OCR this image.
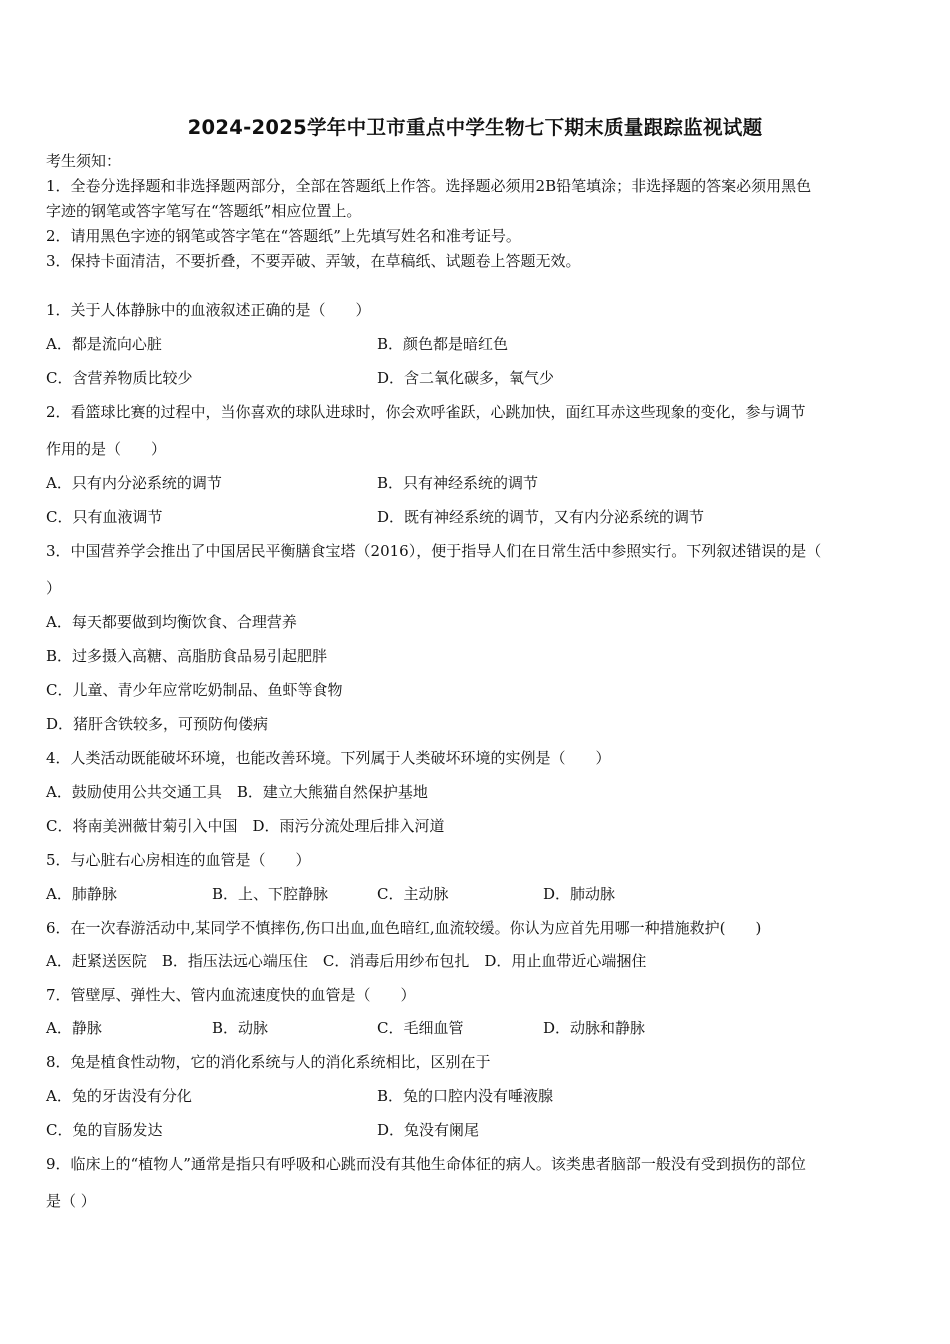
2024-2025学年中卫市重点中学生物七下期末质量跟踪监视试题
考生须知：
1．全卷分选择题和非选择题两部分，全部在答题纸上作答。选择题必须用2B铅笔填涂；非选择题的答案必须用黑色
字迹的钢笔或答字笔写在“答题纸”相应位置上。
2．请用黑色字迹的钢笔或答字笔在“答题纸”上先填写姓名和准考证号。
3．保持卡面清洁，不要折叠，不要弄破、弄皱，在草稿纸、试题卷上答题无效。
1．关于人体静脉中的血液叙述正确的是（　　）
A．都是流向心脏	B．颜色都是暗红色
C．含营养物质比较少	D．含二氧化碳多，氧气少
2．看篮球比赛的过程中，当你喜欢的球队进球时，你会欢呼雀跃，心跳加快，面红耳赤这些现象的变化，参与调节
作用的是（　　）
A．只有内分泌系统的调节	B．只有神经系统的调节
C．只有血液调节	D．既有神经系统的调节，又有内分泌系统的调节
3．中国营养学会推出了中国居民平衡膳食宝塔（2016），便于指导人们在日常生活中参照实行。下列叙述错误的是（
）
A．每天都要做到均衡饮食、合理营养
B．过多摄入高糖、高脂肪食品易引起肥胖
C．儿童、青少年应常吃奶制品、鱼虾等食物
D．猪肝含铁较多，可预防佝偻病
4．人类活动既能破坏环境，也能改善环境。下列属于人类破坏环境的实例是（　　）
A．鼓励使用公共交通工具　B．建立大熊猫自然保护基地
C．将南美洲薇甘菊引入中国　D．雨污分流处理后排入河道
5．与心脏右心房相连的血管是（　　）
A．肺静脉	B．上、下腔静脉	C．主动脉	D．肺动脉
6．在一次春游活动中,某同学不慎摔伤,伤口出血,血色暗红,血流较缓。你认为应首先用哪一种措施救护(　　)
A．赶紧送医院　B．指压法远心端压住　C．消毒后用纱布包扎　D．用止血带近心端捆住
7．管壁厚、弹性大、管内血流速度快的血管是（　　）
A．静脉	B．动脉	C．毛细血管	D．动脉和静脉
8．兔是植食性动物，它的消化系统与人的消化系统相比，区别在于
A．兔的牙齿没有分化	B．兔的口腔内没有唾液腺
C．兔的盲肠发达	D．兔没有阑尾
9．临床上的“植物人”通常是指只有呼吸和心跳而没有其他生命体征的病人。该类患者脑部一般没有受到损伤的部位
是（ ）
